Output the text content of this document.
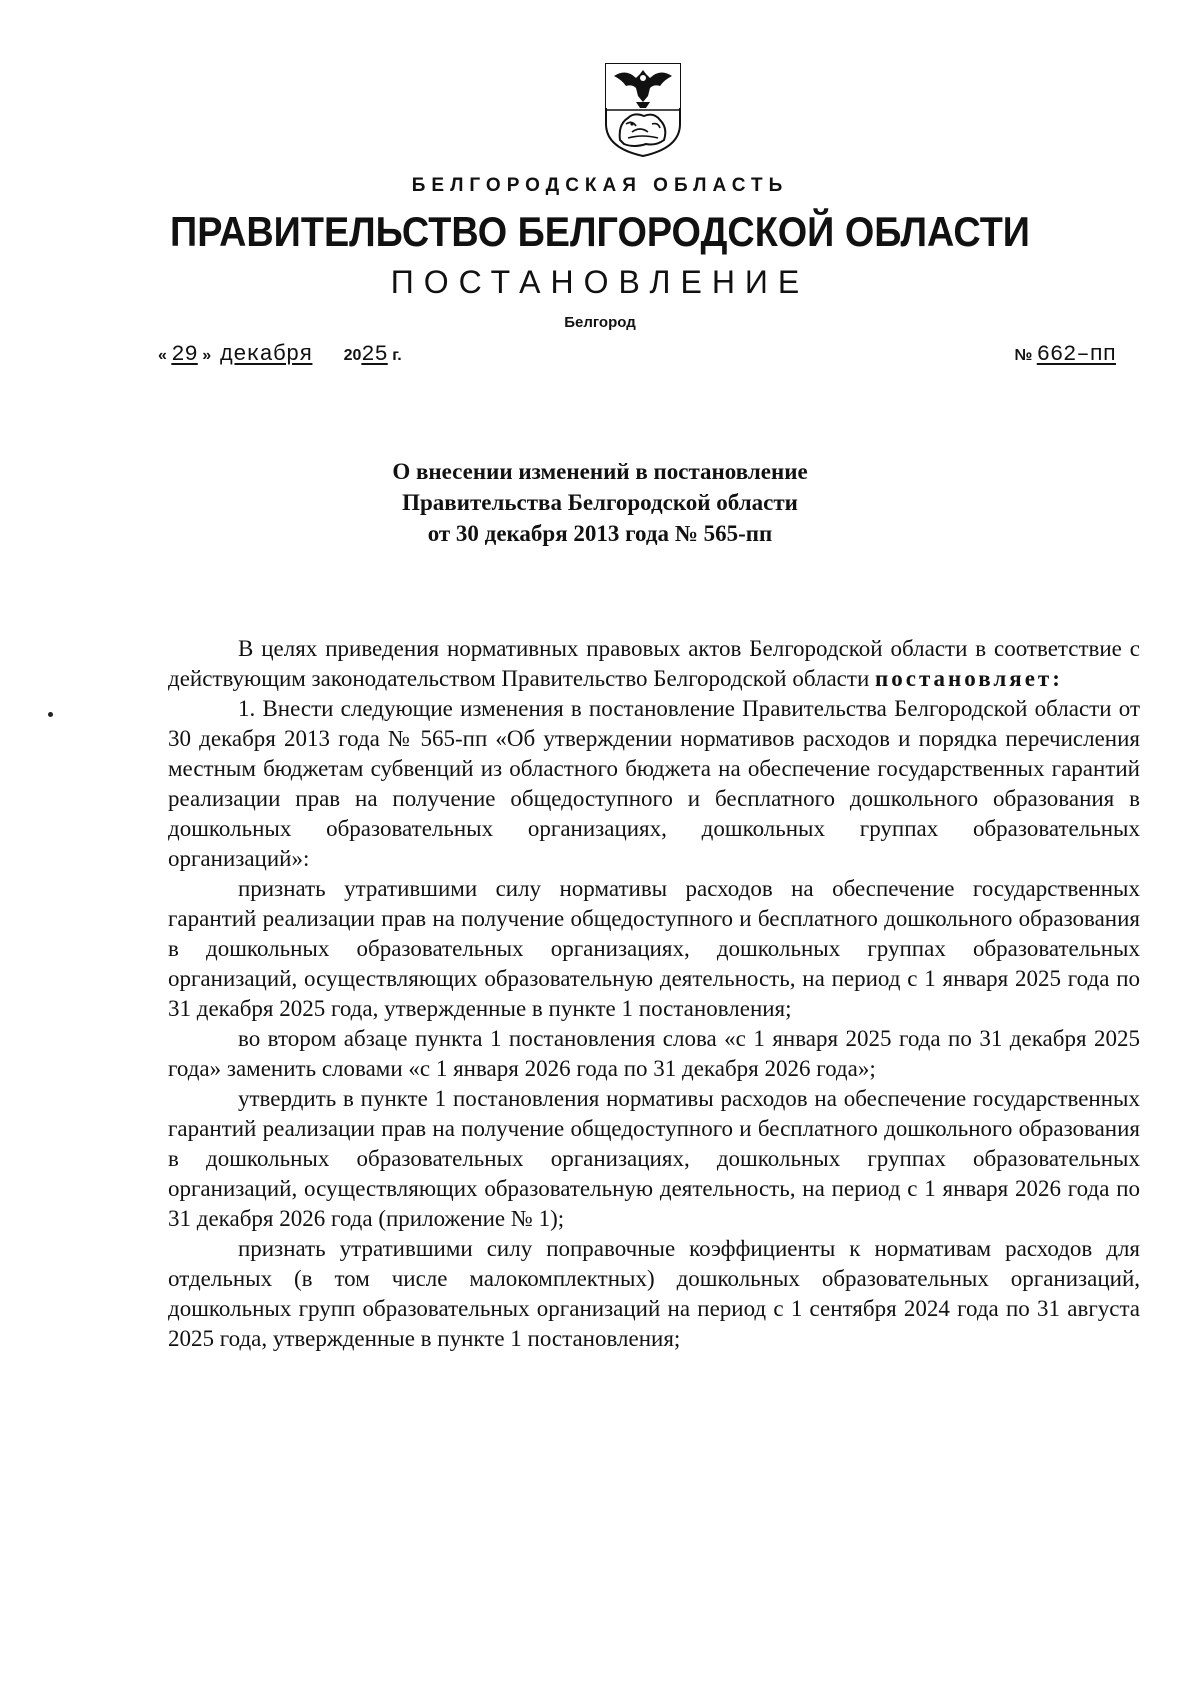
БЕЛГОРОДСКАЯ ОБЛАСТЬ
ПРАВИТЕЛЬСТВО БЕЛГОРОДСКОЙ ОБЛАСТИ
ПОСТАНОВЛЕНИЕ
Белгород
« 29 » декабря 2025 г.	№ 662–пп
О внесении изменений в постановление
Правительства Белгородской области
от 30 декабря 2013 года № 565-пп

В целях приведения нормативных правовых актов Белгородской области в соответствие с действующим законодательством Правительство Белгородской области постановляет:

1. Внести следующие изменения в постановление Правительства Белгородской области от 30 декабря 2013 года № 565-пп «Об утверждении нормативов расходов и порядка перечисления местным бюджетам субвенций из областного бюджета на обеспечение государственных гарантий реализации прав на получение общедоступного и бесплатного дошкольного образования в дошкольных образовательных организациях, дошкольных группах образовательных организаций»:

признать утратившими силу нормативы расходов на обеспечение государственных гарантий реализации прав на получение общедоступного и бесплатного дошкольного образования в дошкольных образовательных организациях, дошкольных группах образовательных организаций, осуществляющих образовательную деятельность, на период с 1 января 2025 года по 31 декабря 2025 года, утвержденные в пункте 1 постановления;

во втором абзаце пункта 1 постановления слова «с 1 января 2025 года по 31 декабря 2025 года» заменить словами «с 1 января 2026 года по 31 декабря 2026 года»;

утвердить в пункте 1 постановления нормативы расходов на обеспечение государственных гарантий реализации прав на получение общедоступного и бесплатного дошкольного образования в дошкольных образовательных организациях, дошкольных группах образовательных организаций, осуществляющих образовательную деятельность, на период с 1 января 2026 года по 31 декабря 2026 года (приложение № 1);

признать утратившими силу поправочные коэффициенты к нормативам расходов для отдельных (в том числе малокомплектных) дошкольных образовательных организаций, дошкольных групп образовательных организаций на период с 1 сентября 2024 года по 31 августа 2025 года, утвержденные в пункте 1 постановления;
